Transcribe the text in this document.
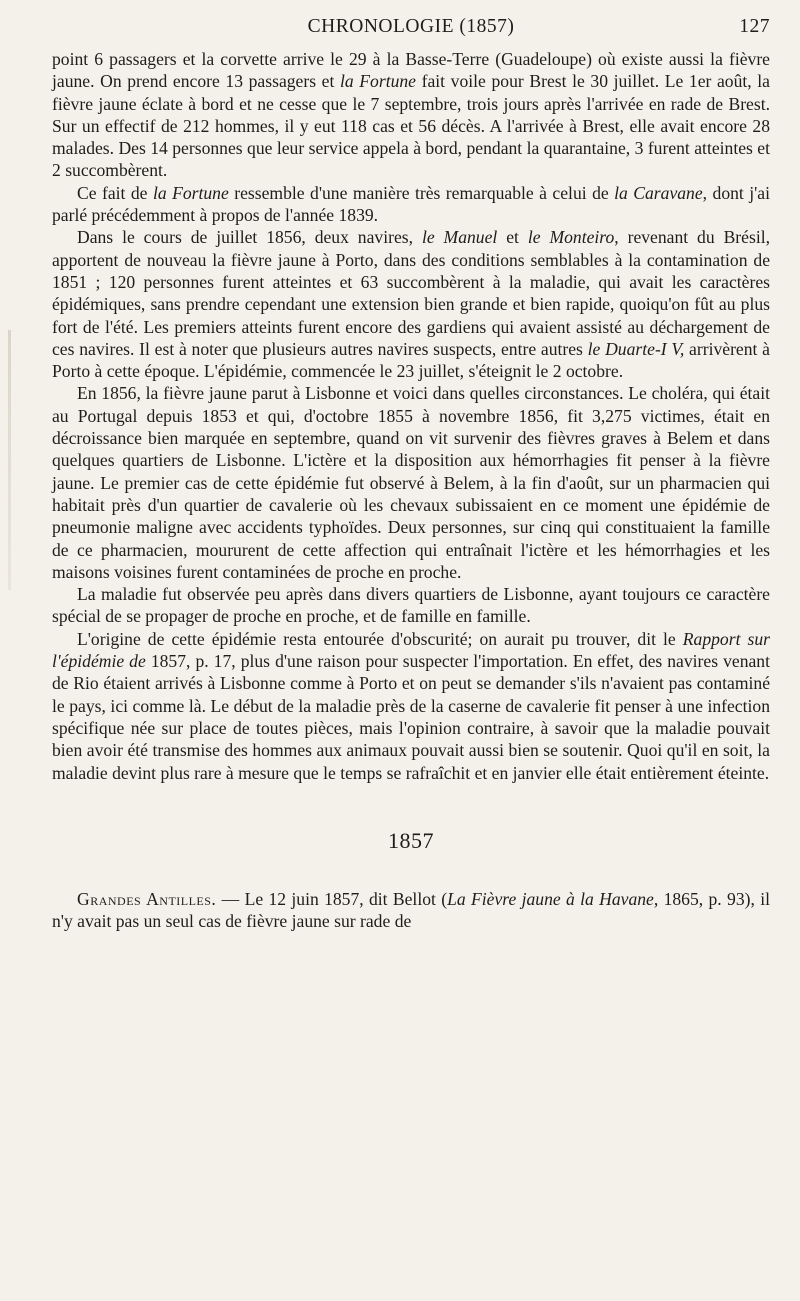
CHRONOLOGIE (1857)	127

point 6 passagers et la corvette arrive le 29 à la Basse-Terre (Guadeloupe) où existe aussi la fièvre jaune. On prend encore 13 passagers et la Fortune fait voile pour Brest le 30 juillet. Le 1er août, la fièvre jaune éclate à bord et ne cesse que le 7 septembre, trois jours après l'arrivée en rade de Brest. Sur un effectif de 212 hommes, il y eut 118 cas et 56 décès. A l'arrivée à Brest, elle avait encore 28 malades. Des 14 personnes que leur service appela à bord, pendant la quarantaine, 3 furent atteintes et 2 succombèrent.

Ce fait de la Fortune ressemble d'une manière très remarquable à celui de la Caravane, dont j'ai parlé précédemment à propos de l'année 1839.

Dans le cours de juillet 1856, deux navires, le Manuel et le Monteiro, revenant du Brésil, apportent de nouveau la fièvre jaune à Porto, dans des conditions semblables à la contamination de 1851 ; 120 personnes furent atteintes et 63 succombèrent à la maladie, qui avait les caractères épidémiques, sans prendre cependant une extension bien grande et bien rapide, quoiqu'on fût au plus fort de l'été. Les premiers atteints furent encore des gardiens qui avaient assisté au déchargement de ces navires. Il est à noter que plusieurs autres navires suspects, entre autres le Duarte-I V, arrivèrent à Porto à cette époque. L'épidémie, commencée le 23 juillet, s'éteignit le 2 octobre.

En 1856, la fièvre jaune parut à Lisbonne et voici dans quelles circonstances. Le choléra, qui était au Portugal depuis 1853 et qui, d'octobre 1855 à novembre 1856, fit 3,275 victimes, était en décroissance bien marquée en septembre, quand on vit survenir des fièvres graves à Belem et dans quelques quartiers de Lisbonne. L'ictère et la disposition aux hémorrhagies fit penser à la fièvre jaune. Le premier cas de cette épidémie fut observé à Belem, à la fin d'août, sur un pharmacien qui habitait près d'un quartier de cavalerie où les chevaux subissaient en ce moment une épidémie de pneumonie maligne avec accidents typhoïdes. Deux personnes, sur cinq qui constituaient la famille de ce pharmacien, moururent de cette affection qui entraînait l'ictère et les hémorrhagies et les maisons voisines furent contaminées de proche en proche.

La maladie fut observée peu après dans divers quartiers de Lisbonne, ayant toujours ce caractère spécial de se propager de proche en proche, et de famille en famille.

L'origine de cette épidémie resta entourée d'obscurité; on aurait pu trouver, dit le Rapport sur l'épidémie de 1857, p. 17, plus d'une raison pour suspecter l'importation. En effet, des navires venant de Rio étaient arrivés à Lisbonne comme à Porto et on peut se demander s'ils n'avaient pas contaminé le pays, ici comme là. Le début de la maladie près de la caserne de cavalerie fit penser à une infection spécifique née sur place de toutes pièces, mais l'opinion contraire, à savoir que la maladie pouvait bien avoir été transmise des hommes aux animaux pouvait aussi bien se soutenir. Quoi qu'il en soit, la maladie devint plus rare à mesure que le temps se rafraîchit et en janvier elle était entièrement éteinte.

1857

Grandes Antilles. — Le 12 juin 1857, dit Bellot (La Fièvre jaune à la Havane, 1865, p. 93), il n'y avait pas un seul cas de fièvre jaune sur rade de
